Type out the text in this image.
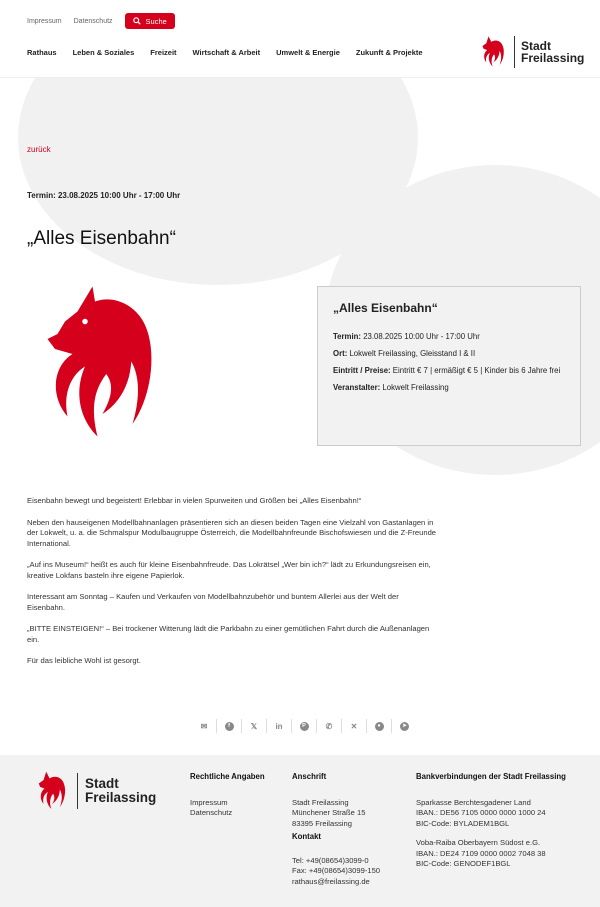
Impressum Datenschutz	Suche
Rathaus Leben & Soziales Freizeit Wirtschaft & Arbeit Umwelt & Energie Zukunft & Projekte	Stadt
Freilassing
zurück
Termin: 23.08.2025 10:00 Uhr - 17:00 Uhr
„Alles Eisenbahn“
„Alles Eisenbahn“

Termin: 23.08.2025 10:00 Uhr - 17:00 Uhr

Ort: Lokwelt Freilassing, Gleisstand I & II

Eintritt / Preise: Eintritt € 7 | ermäßigt € 5 | Kinder bis 6 Jahre frei

Veranstalter: Lokwelt Freilassing

Eisenbahn bewegt und begeistert! Erlebbar in vielen Spurweiten und Größen bei „Alles Eisenbahn!“

Neben den hauseigenen Modellbahnanlagen präsentieren sich an diesen beiden Tagen eine Vielzahl von Gastanlagen in der Lokwelt, u. a. die Schmalspur Modulbaugruppe Österreich, die Modellbahnfreunde Bischofswiesen und die Z-Freunde International.

„Auf ins Museum!“ heißt es auch für kleine Eisenbahnfreude. Das Lokrätsel „Wer bin ich?“ lädt zu Erkundungsreisen ein, kreative Lokfans basteln ihre eigene Papierlok.

Interessant am Sonntag – Kaufen und Verkaufen von Modellbahnzubehör und buntem Allerlei aus der Welt der Eisenbahn.

„BITTE EINSTEIGEN!“ – Bei trockener Witterung lädt die Parkbahn zu einer gemütlichen Fahrt durch die Außenanlagen ein.

Für das leibliche Wohl ist gesorgt.

✉	f	𝕏	in	P	✆	✕	●	➤
Stadt
Freilassing
Rechtliche Angaben
Impressum
Datenschutz
Anschrift
Stadt Freilassing
Münchener Straße 15
83395 Freilassing
Kontakt
Tel: +49(08654)3099-0
Fax: +49(08654)3099-150
rathaus@freilassing.de
Bankverbindungen der Stadt Freilassing
Sparkasse Berchtesgadener Land
IBAN.: DE56 7105 0000 0000 1000 24
BIC-Code: BYLADEM1BGL
Voba-Raiba Oberbayern Südost e.G.
IBAN.: DE24 7109 0000 0002 7048 38
BIC-Code: GENODEF1BGL
